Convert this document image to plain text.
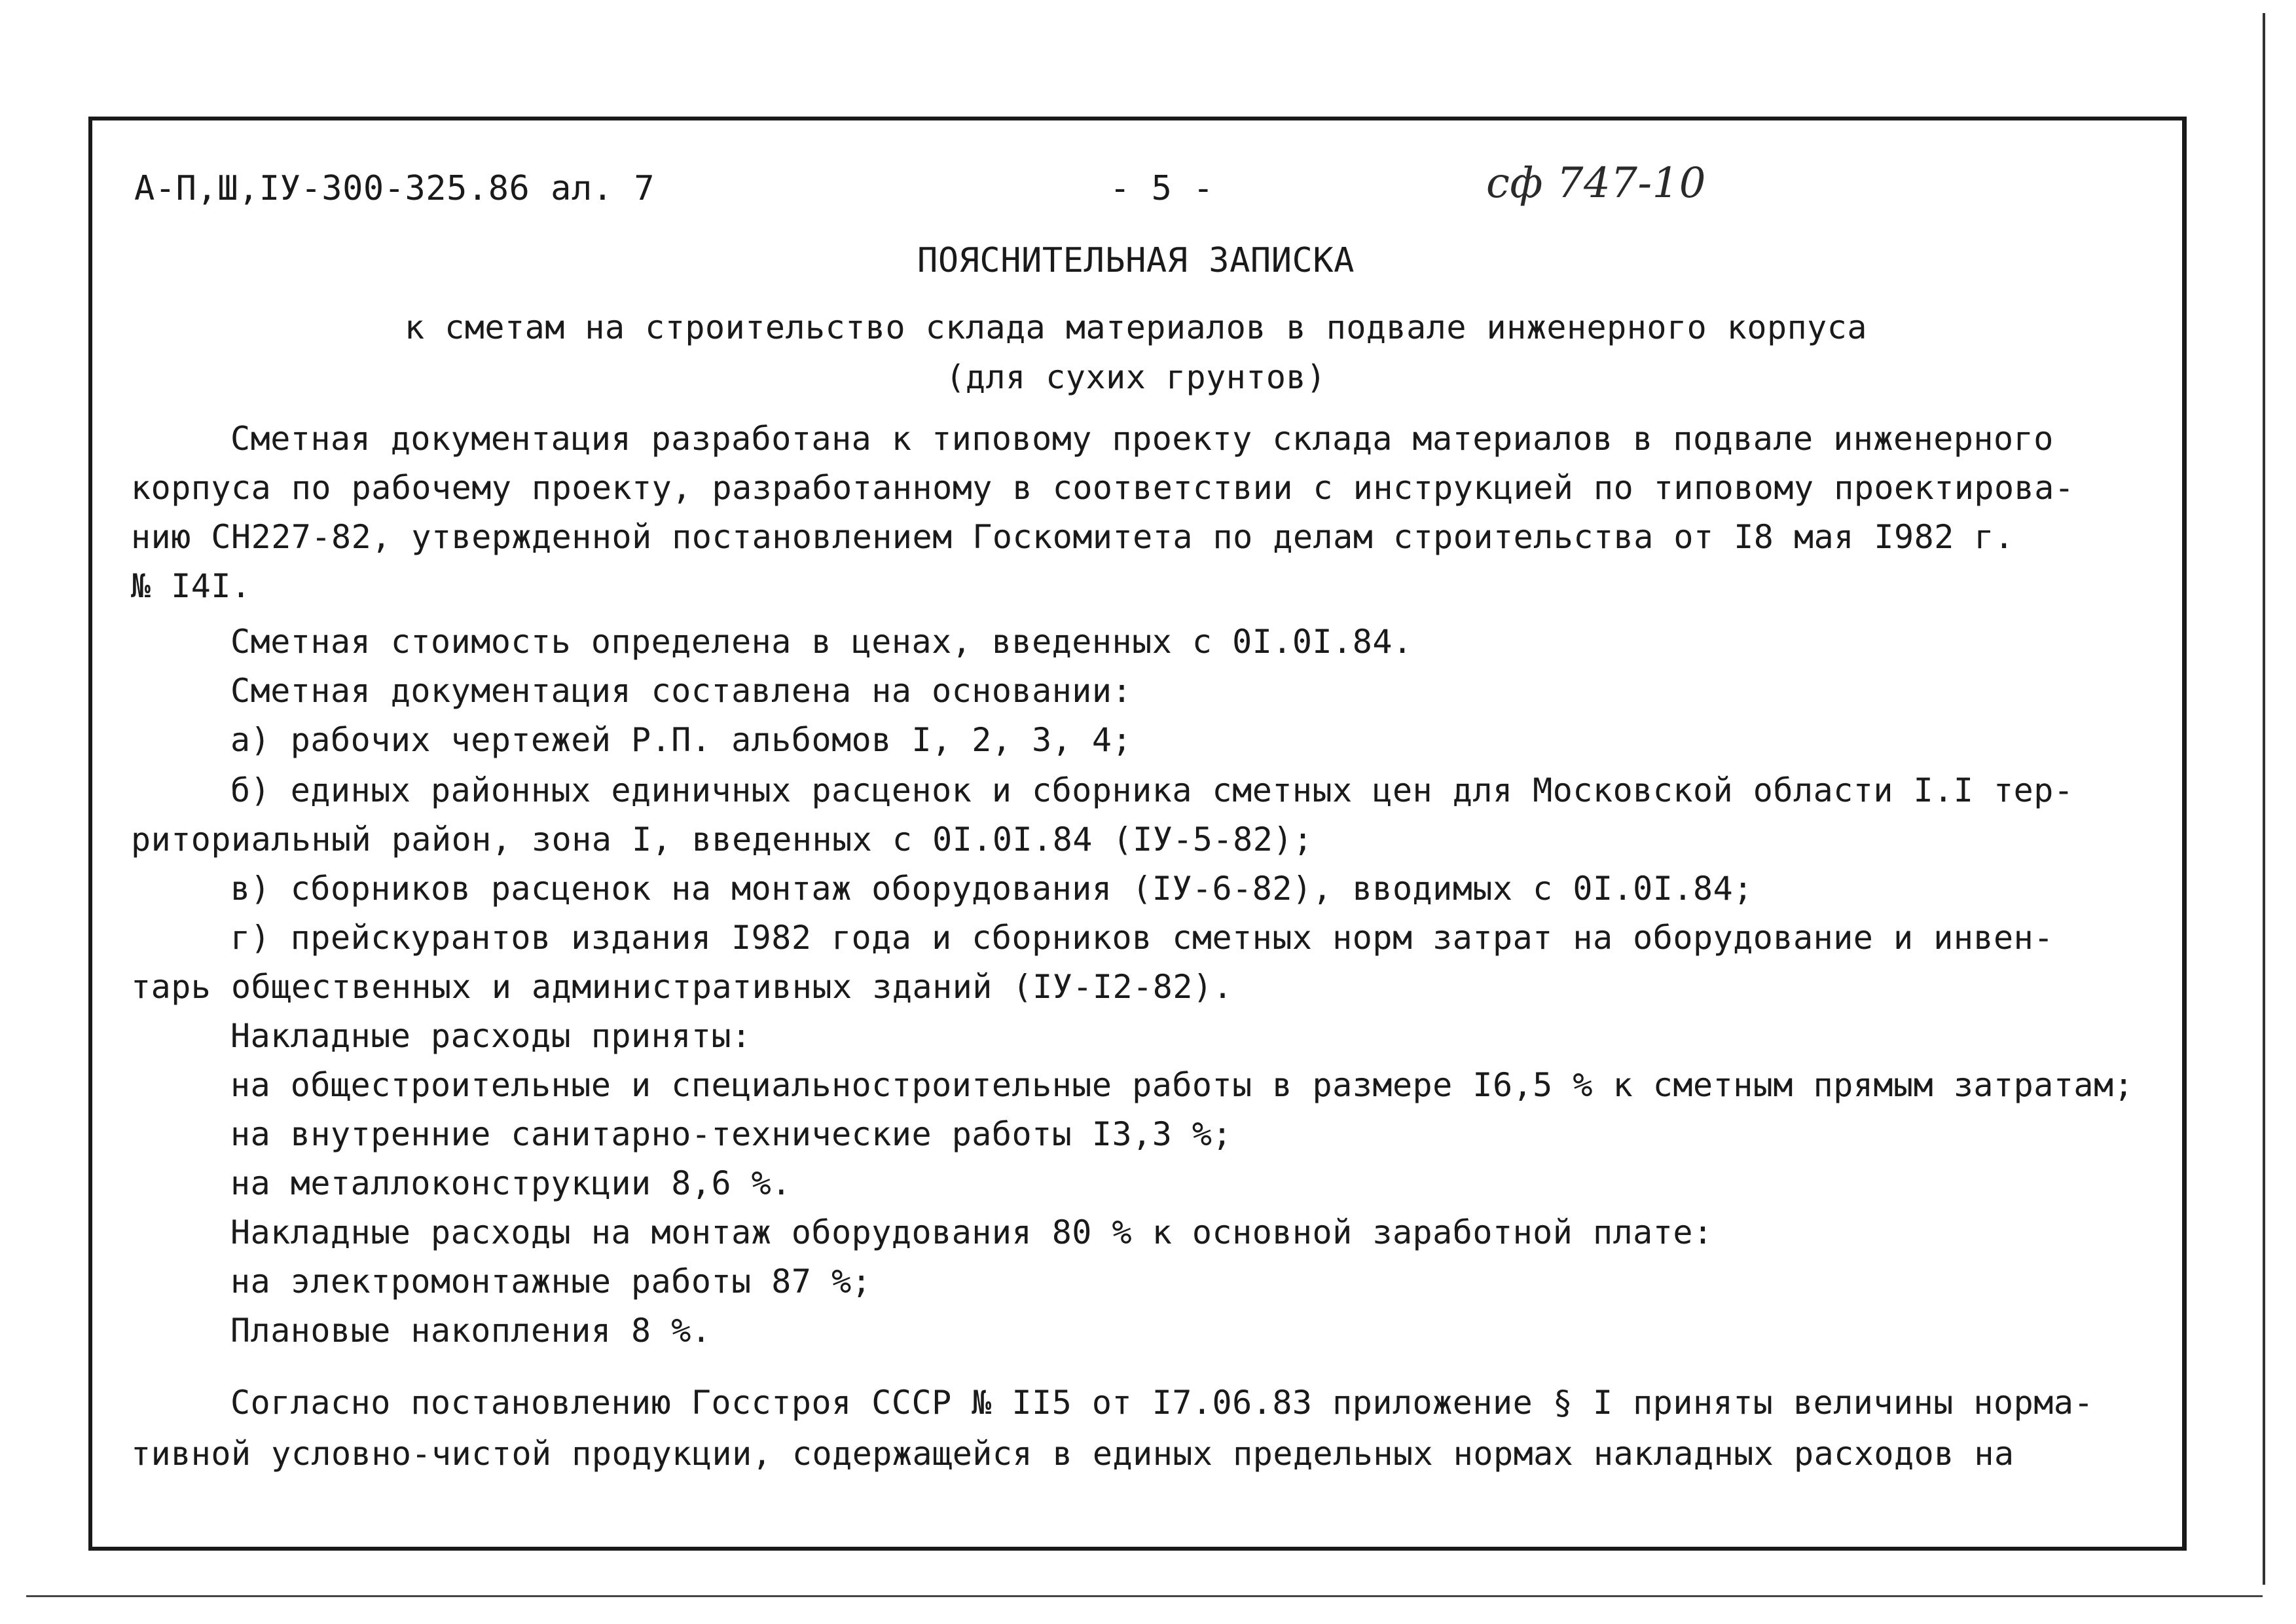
А-П,Ш,IУ-300-325.86 ал. 7	- 5 -	сф 747-10
ПОЯСНИТЕЛЬНАЯ ЗАПИСКА
к сметам на строительство склада материалов в подвале инженерного корпуса
(для сухих грунтов)
Сметная документация разработана к типовому проекту склада материалов в подвале инженерного
корпуса по рабочему проекту, разработанному в соответствии с инструкцией по типовому проектирова-
нию СН227-82, утвержденной постановлением Госкомитета по делам строительства от I8 мая I982 г.
№ I4I.
Сметная стоимость определена в ценах, введенных с 0I.0I.84.
Сметная документация составлена на основании:
а) рабочих чертежей Р.П. альбомов I, 2, 3, 4;
б) единых районных единичных расценок и сборника сметных цен для Московской области I.I тер-
риториальный район, зона I, введенных с 0I.0I.84 (IУ-5-82);
в) сборников расценок на монтаж оборудования (IУ-6-82), вводимых с 0I.0I.84;
г) прейскурантов издания I982 года и сборников сметных норм затрат на оборудование и инвен-
тарь общественных и административных зданий (IУ-I2-82).
Накладные расходы приняты:
на общестроительные и специальностроительные работы в размере I6,5 % к сметным прямым затратам;
на внутренние санитарно-технические работы I3,3 %;
на металлоконструкции 8,6 %.
Накладные расходы на монтаж оборудования 80 % к основной заработной плате:
на электромонтажные работы 87 %;
Плановые накопления 8 %.
Согласно постановлению Госстроя СССР № II5 от I7.06.83 приложение § I приняты величины норма-
тивной условно-чистой продукции, содержащейся в единых предельных нормах накладных расходов на
